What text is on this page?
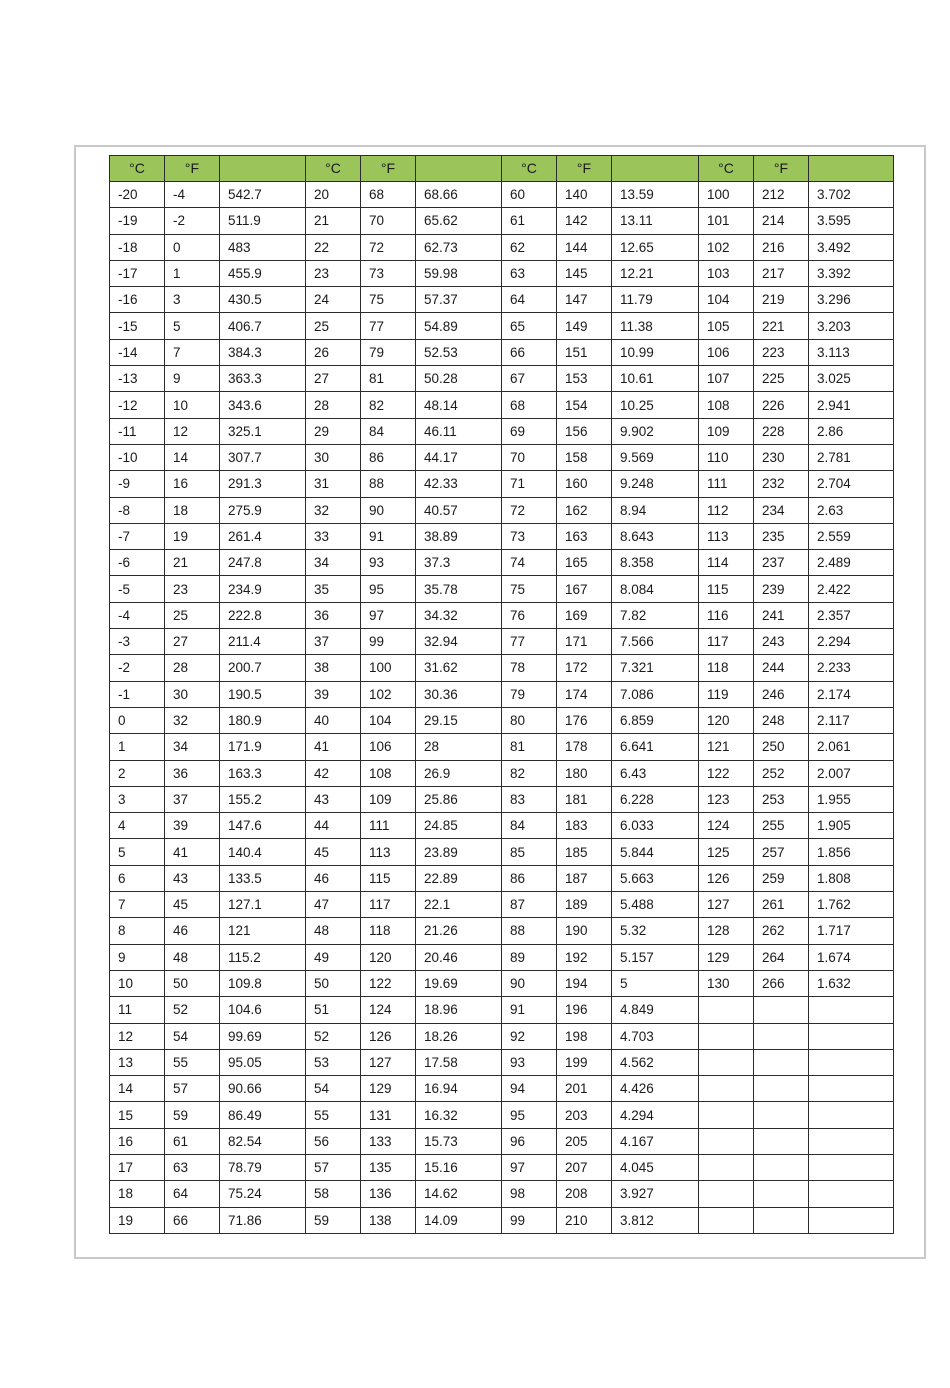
°C	°F		°C	°F		°C	°F		°C	°F	
-20	-4	542.7	20	68	68.66	60	140	13.59	100	212	3.702
-19	-2	511.9	21	70	65.62	61	142	13.11	101	214	3.595
-18	0	483	22	72	62.73	62	144	12.65	102	216	3.492
-17	1	455.9	23	73	59.98	63	145	12.21	103	217	3.392
-16	3	430.5	24	75	57.37	64	147	11.79	104	219	3.296
-15	5	406.7	25	77	54.89	65	149	11.38	105	221	3.203
-14	7	384.3	26	79	52.53	66	151	10.99	106	223	3.113
-13	9	363.3	27	81	50.28	67	153	10.61	107	225	3.025
-12	10	343.6	28	82	48.14	68	154	10.25	108	226	2.941
-11	12	325.1	29	84	46.11	69	156	9.902	109	228	2.86
-10	14	307.7	30	86	44.17	70	158	9.569	110	230	2.781
-9	16	291.3	31	88	42.33	71	160	9.248	111	232	2.704
-8	18	275.9	32	90	40.57	72	162	8.94	112	234	2.63
-7	19	261.4	33	91	38.89	73	163	8.643	113	235	2.559
-6	21	247.8	34	93	37.3	74	165	8.358	114	237	2.489
-5	23	234.9	35	95	35.78	75	167	8.084	115	239	2.422
-4	25	222.8	36	97	34.32	76	169	7.82	116	241	2.357
-3	27	211.4	37	99	32.94	77	171	7.566	117	243	2.294
-2	28	200.7	38	100	31.62	78	172	7.321	118	244	2.233
-1	30	190.5	39	102	30.36	79	174	7.086	119	246	2.174
0	32	180.9	40	104	29.15	80	176	6.859	120	248	2.117
1	34	171.9	41	106	28	81	178	6.641	121	250	2.061
2	36	163.3	42	108	26.9	82	180	6.43	122	252	2.007
3	37	155.2	43	109	25.86	83	181	6.228	123	253	1.955
4	39	147.6	44	111	24.85	84	183	6.033	124	255	1.905
5	41	140.4	45	113	23.89	85	185	5.844	125	257	1.856
6	43	133.5	46	115	22.89	86	187	5.663	126	259	1.808
7	45	127.1	47	117	22.1	87	189	5.488	127	261	1.762
8	46	121	48	118	21.26	88	190	5.32	128	262	1.717
9	48	115.2	49	120	20.46	89	192	5.157	129	264	1.674
10	50	109.8	50	122	19.69	90	194	5	130	266	1.632
11	52	104.6	51	124	18.96	91	196	4.849			
12	54	99.69	52	126	18.26	92	198	4.703			
13	55	95.05	53	127	17.58	93	199	4.562			
14	57	90.66	54	129	16.94	94	201	4.426			
15	59	86.49	55	131	16.32	95	203	4.294			
16	61	82.54	56	133	15.73	96	205	4.167			
17	63	78.79	57	135	15.16	97	207	4.045			
18	64	75.24	58	136	14.62	98	208	3.927			
19	66	71.86	59	138	14.09	99	210	3.812			
